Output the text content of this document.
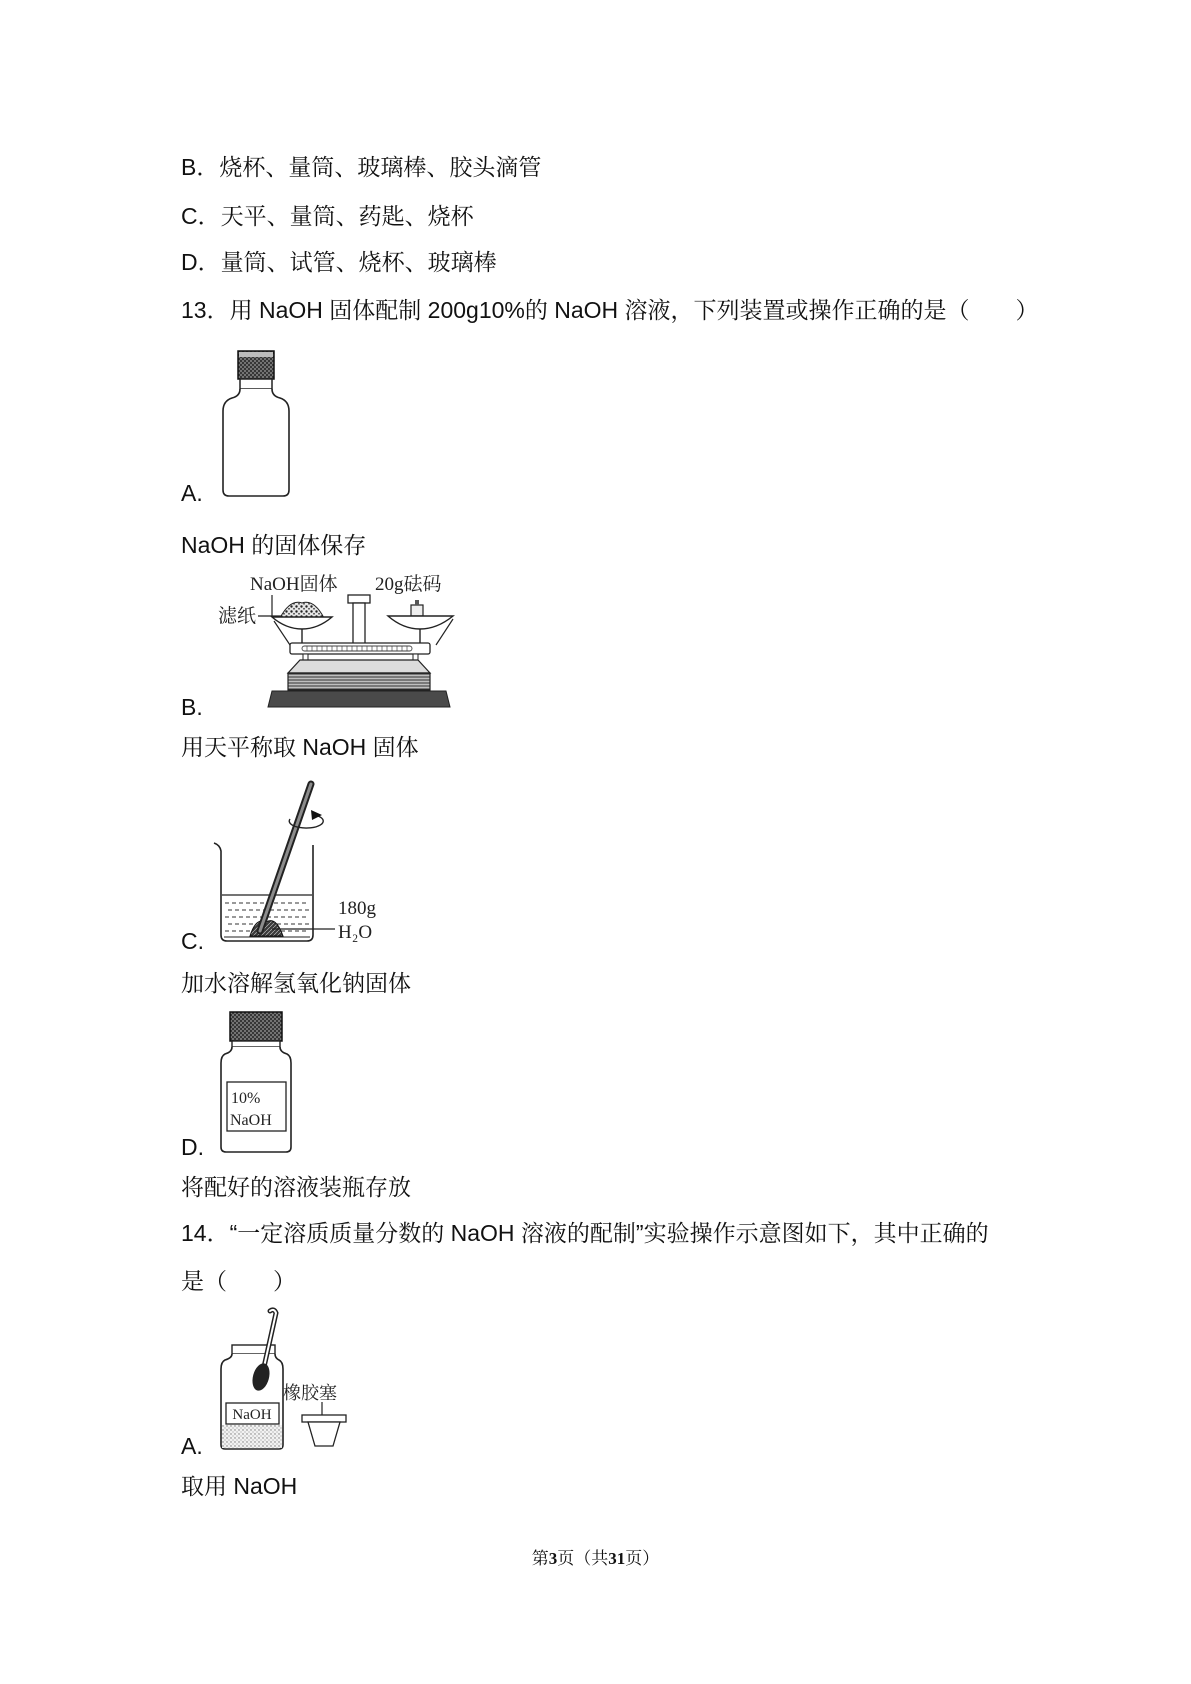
B．烧杯、量筒、玻璃棒、胶头滴管
C．天平、量筒、药匙、烧杯
D．量筒、试管、烧杯、玻璃棒
13．用 NaOH 固体配制 200g10%的 NaOH 溶液，下列装置或操作正确的是（　　）
A.
NaOH 的固体保存
NaOH固体 20g砝码
滤纸
B.
用天平称取 NaOH 固体
180g
H₂O
C.
加水溶解氢氧化钠固体
10%
NaOH
D.
将配好的溶液装瓶存放
14．“一定溶质质量分数的 NaOH 溶液的配制”实验操作示意图如下，其中正确的
是（　　）
NaOH
橡胶塞
A.
取用 NaOH
第3页（共31页）
